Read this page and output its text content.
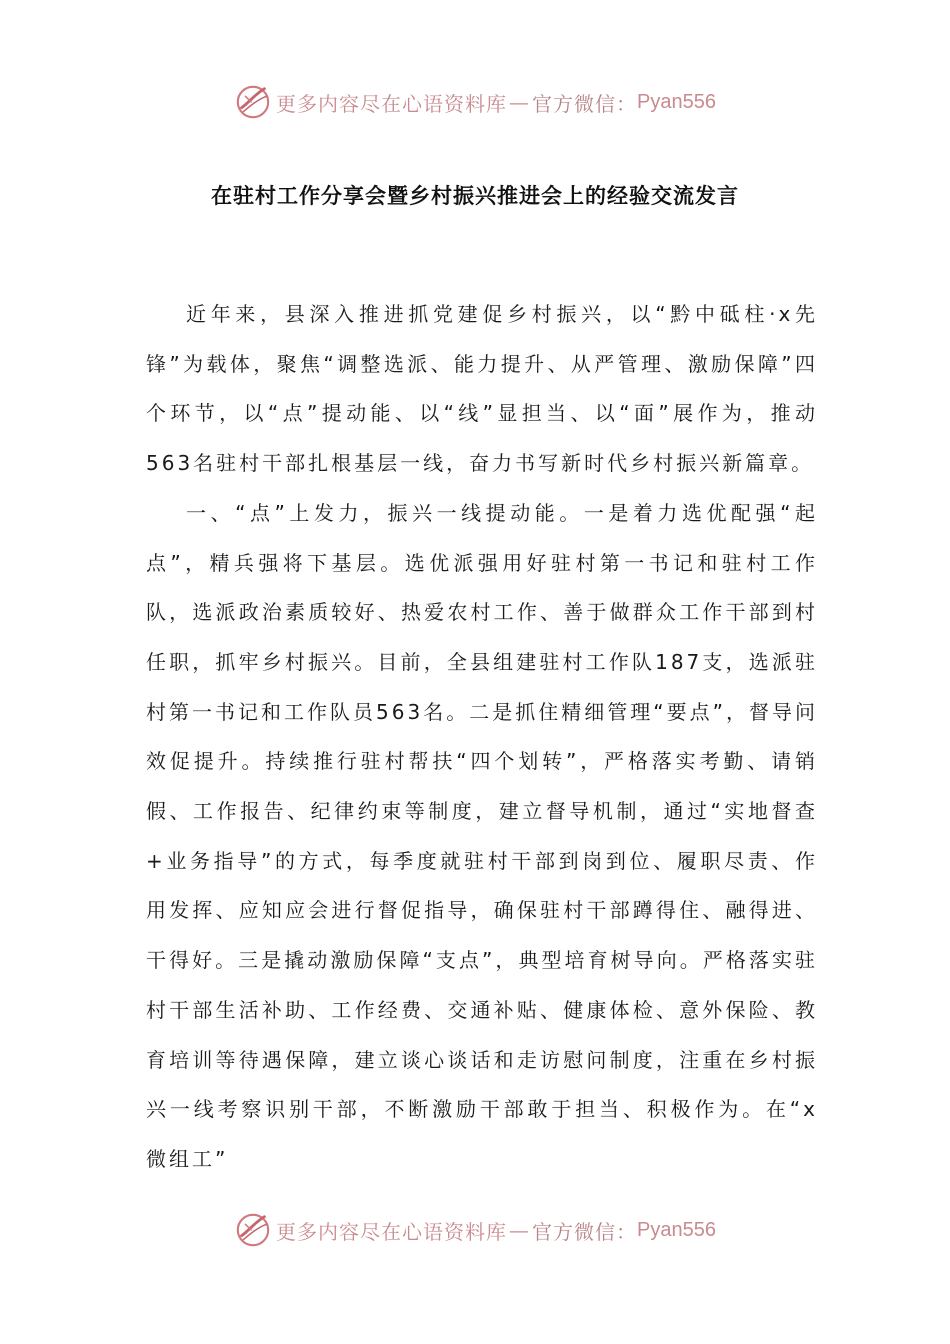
更多内容尽在心语资料库 — 官方微信： Pyan556
在驻村工作分享会暨乡村振兴推进会上的经验交流发言

近年来，县深入推进抓党建促乡村振兴，以“黔中砥柱·x先锋”为载体，聚焦“调整选派、能力提升、从严管理、激励保障”四个环节，以“点”提动能、以“线”显担当、以“面”展作为，推动563名驻村干部扎根基层一线，奋力书写新时代乡村振兴新篇章。

一、“点”上发力，振兴一线提动能。一是着力选优配强“起点”，精兵强将下基层。选优派强用好驻村第一书记和驻村工作队，选派政治素质较好、热爱农村工作、善于做群众工作干部到村任职，抓牢乡村振兴。目前，全县组建驻村工作队187支，选派驻村第一书记和工作队员563名。二是抓住精细管理“要点”，督导问效促提升。持续推行驻村帮扶“四个划转”，严格落实考勤、请销假、工作报告、纪律约束等制度，建立督导机制，通过“实地督查+业务指导”的方式，每季度就驻村干部到岗到位、履职尽责、作用发挥、应知应会进行督促指导，确保驻村干部蹲得住、融得进、干得好。三是撬动激励保障“支点”，典型培育树导向。严格落实驻村干部生活补助、工作经费、交通补贴、健康体检、意外保险、教育培训等待遇保障，建立谈心谈话和走访慰问制度，注重在乡村振兴一线考察识别干部，不断激励干部敢于担当、积极作为。在“x微组工”

更多内容尽在心语资料库 — 官方微信： Pyan556
